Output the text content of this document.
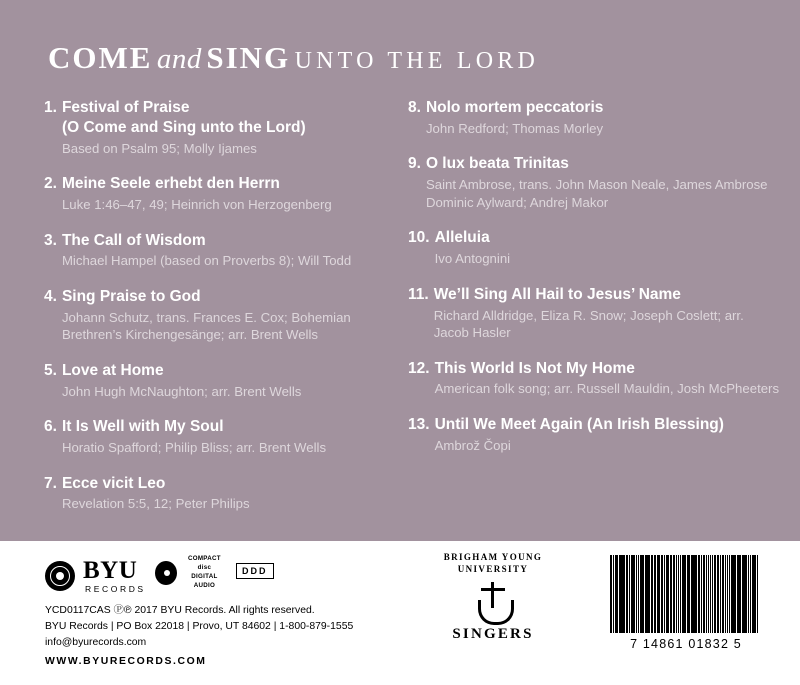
COME and SING UNTO THE LORD
1. Festival of Praise
(O Come and Sing unto the Lord)
Based on Psalm 95; Molly Ijames
2. Meine Seele erhebt den Herrn
Luke 1:46–47, 49; Heinrich von Herzogenberg
3. The Call of Wisdom
Michael Hampel (based on Proverbs 8); Will Todd
4. Sing Praise to God
Johann Schutz, trans. Frances E. Cox; Bohemian Brethren’s Kirchengesänge; arr. Brent Wells
5. Love at Home
John Hugh McNaughton; arr. Brent Wells
6. It Is Well with My Soul
Horatio Spafford; Philip Bliss; arr. Brent Wells
7. Ecce vicit Leo
Revelation 5:5, 12; Peter Philips
8. Nolo mortem peccatoris
John Redford; Thomas Morley
9. O lux beata Trinitas
Saint Ambrose, trans. John Mason Neale, James Ambrose Dominic Aylward; Andrej Makor
10. Alleluia
Ivo Antognini
11. We’ll Sing All Hail to Jesus’ Name
Richard Alldridge, Eliza R. Snow; Joseph Coslett; arr. Jacob Hasler
12. This World Is Not My Home
American folk song; arr. Russell Mauldin, Josh McPheeters
13. Until We Meet Again (An Irish Blessing)
Ambrož Čopi
BYU
RECORDS
COMPACT
disc
DIGITAL AUDIO
DDD
YCD0117CAS Ⓟ℗ 2017 BYU Records. All rights reserved.
BYU Records | PO Box 22018 | Provo, UT 84602 | 1-800-879-1555
info@byurecords.com
WWW.BYURECORDS.COM
BRIGHAM YOUNG
UNIVERSITY
SINGERS
7 14861 01832 5
